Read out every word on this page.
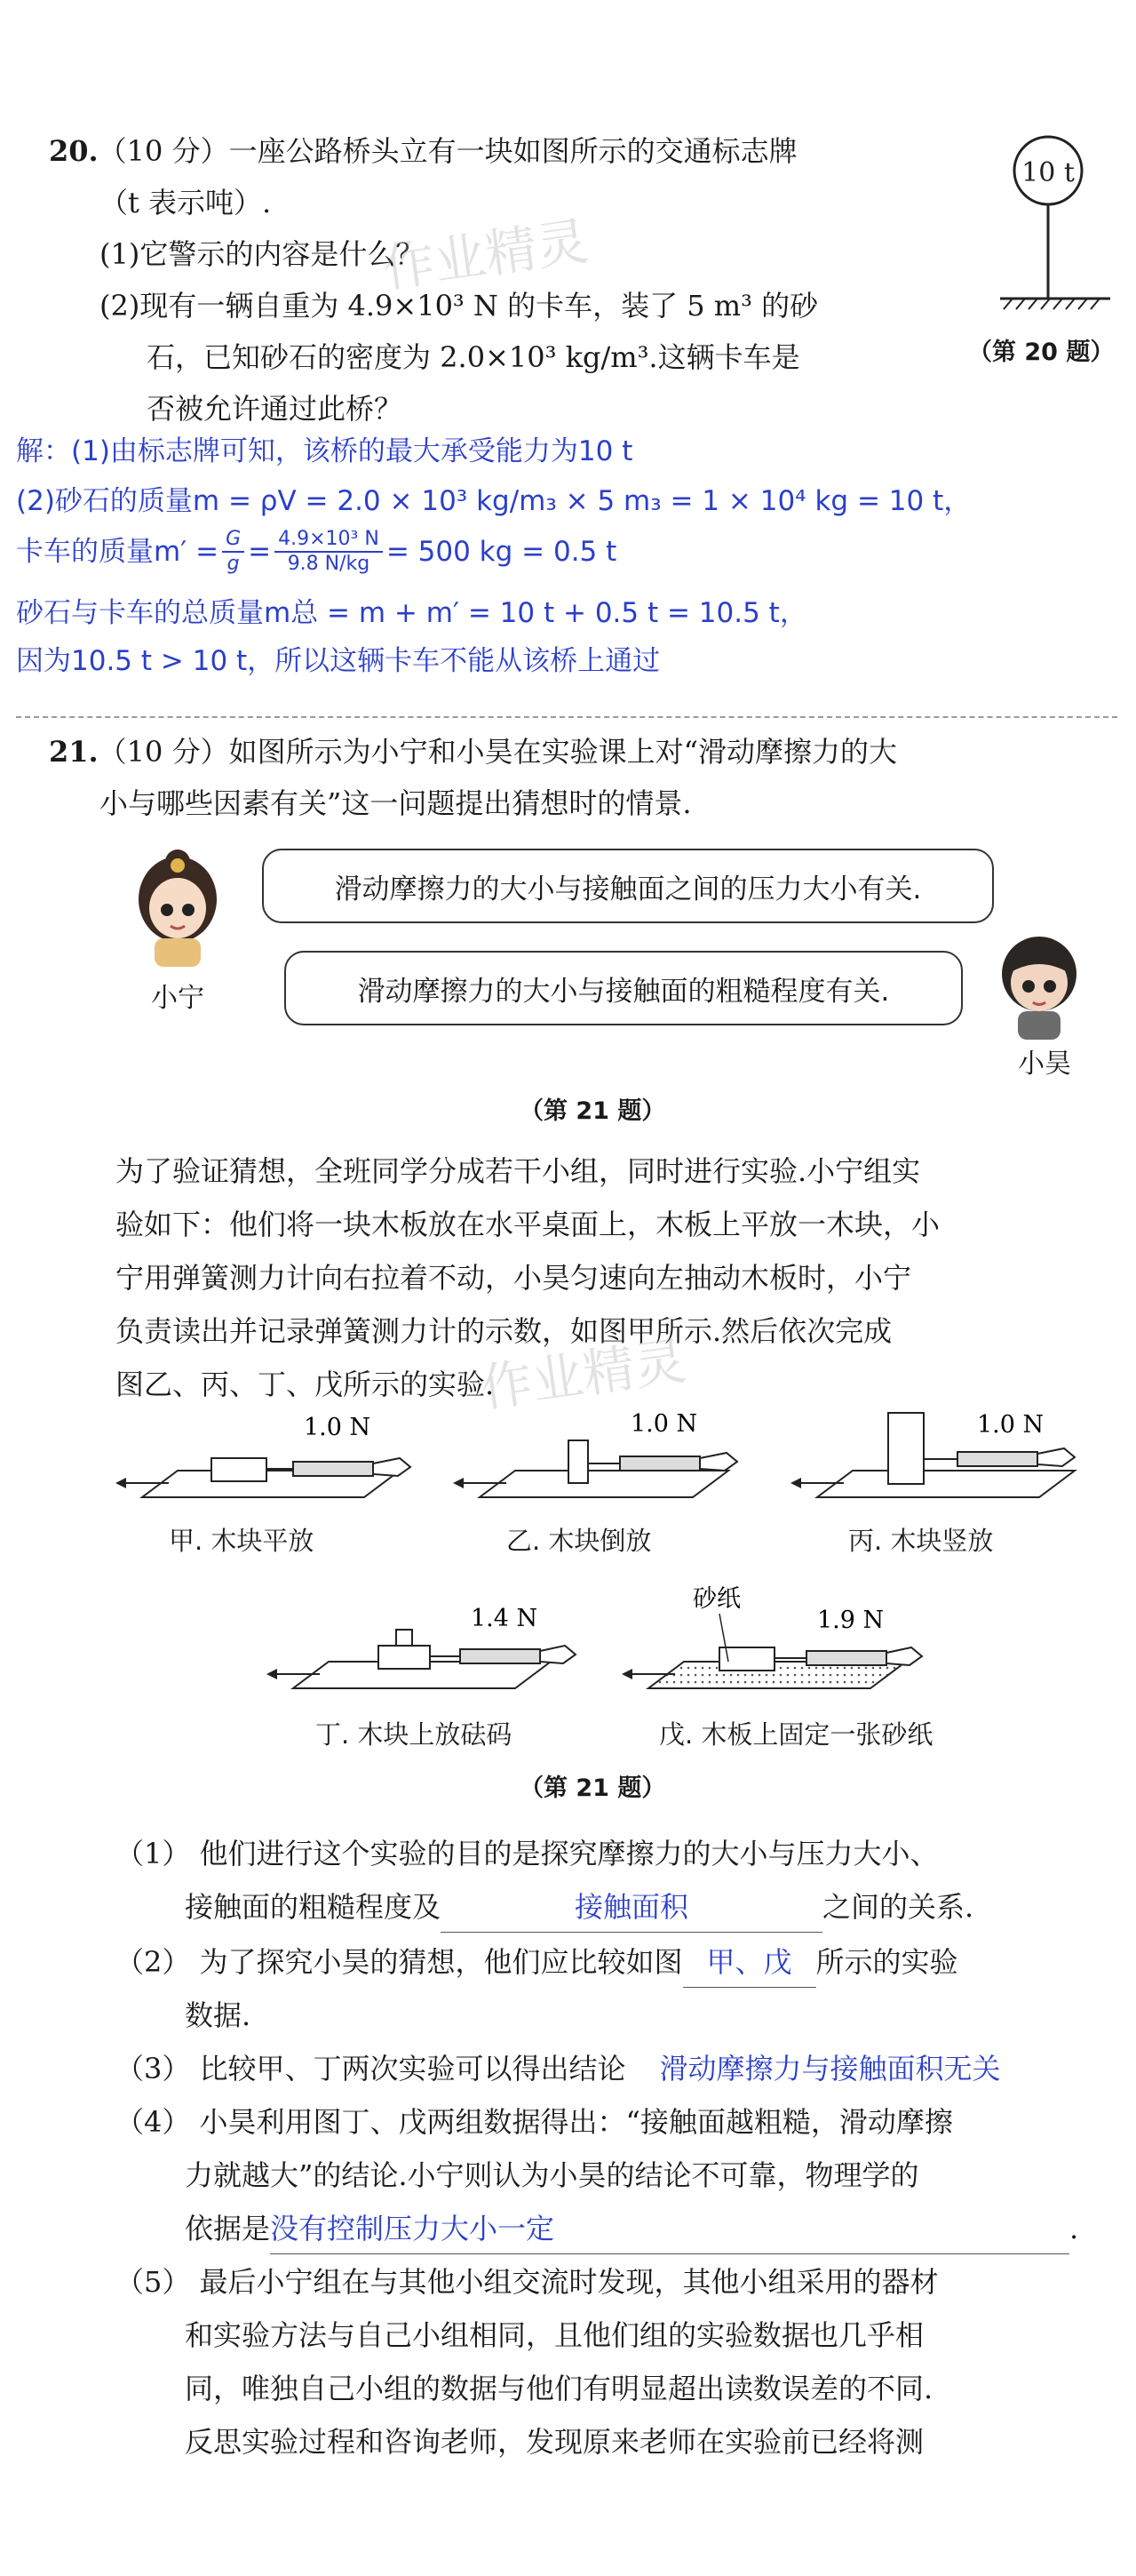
20.（10 分）一座公路桥头立有一块如图所示的交通标志牌
（t 表示吨）.
(1)它警示的内容是什么？
(2)现有一辆自重为 4.9×10³ N 的卡车，装了 5 m³ 的砂
石，已知砂石的密度为 2.0×10³ kg/m³.这辆卡车是
否被允许通过此桥？
10 t
（第 20 题）
解：(1)由标志牌可知，该桥的最大承受能力为10 t
(2)砂石的质量m = ρV = 2.0 × 10³ kg/m₃ × 5 m₃ = 1 × 10⁴ kg = 10 t，
卡车的质量$m' = \frac{G}{g} = \frac{\text{4.9×10³ N}}{9.8 N/kg} = 500$ kg = 0.5 t
砂石与卡车的总质量m总 = m + m′ = 10 t + 0.5 t = 10.5 t，
因为10.5 t > 10 t，所以这辆卡车不能从该桥上通过
21.（10 分）如图所示为小宁和小昊在实验课上对“滑动摩擦力的大
小与哪些因素有关”这一问题提出猜想时的情景.
小宁
小昊
滑动摩擦力的大小与接触面之间的压力大小有关.
滑动摩擦力的大小与接触面的粗糙程度有关.
（第 21 题）
为了验证猜想，全班同学分成若干小组，同时进行实验.小宁组实
验如下：他们将一块木板放在水平桌面上，木板上平放一木块，小
宁用弹簧测力计向右拉着不动，小昊匀速向左抽动木板时，小宁
负责读出并记录弹簧测力计的示数，如图甲所示.然后依次完成
图乙、丙、丁、戊所示的实验.
1.0 N
甲. 木块平放
1.0 N
乙. 木块倒放
1.0 N
丙. 木块竖放
1.4 N
丁. 木块上放砝码
砂纸
1.9 N
戊. 木板上固定一张砂纸
（第 21 题）
（1） 他们进行这个实验的目的是探究摩擦力的大小与压力大小、
接触面的粗糙程度及	接触面积	之间的关系.
（2） 为了探究小昊的猜想，他们应比较如图 甲、戊 所示的实验
数据.
（3） 比较甲、丁两次实验可以得出结论 滑动摩擦力与接触面积无关
（4） 小昊利用图丁、戊两组数据得出：“接触面越粗糙，滑动摩擦
力就越大”的结论.小宁则认为小昊的结论不可靠，物理学的
依据是没有控制压力大小一定	.
（5） 最后小宁组在与其他小组交流时发现，其他小组采用的器材
和实验方法与自己小组相同，且他们组的实验数据也几乎相
同，唯独自己小组的数据与他们有明显超出读数误差的不同.
反思实验过程和咨询老师，发现原来老师在实验前已经将测
作业精灵
作业精灵
